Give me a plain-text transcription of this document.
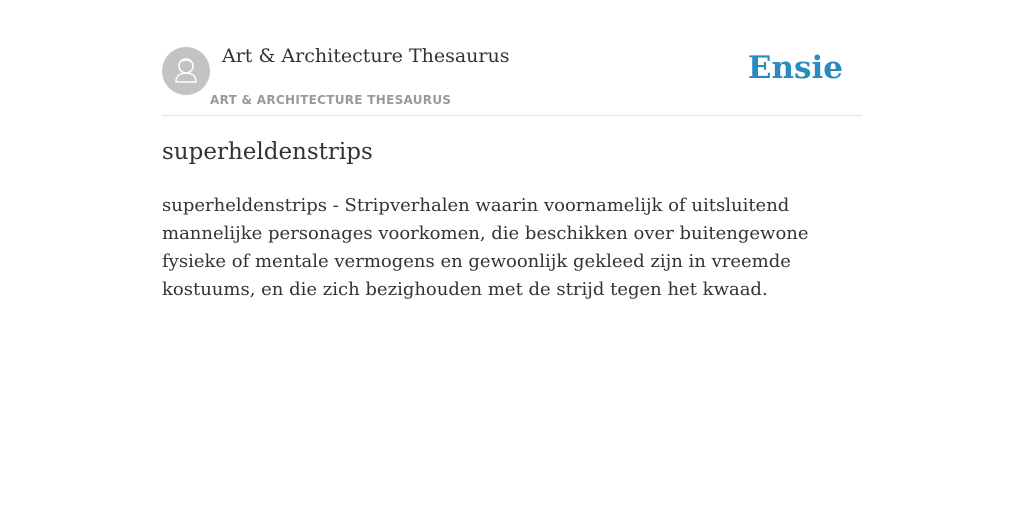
Art & Architecture Thesaurus
ART & ARCHITECTURE THESAURUS
Ensie
superheldenstrips

superheldenstrips - Stripverhalen waarin voornamelijk of uitsluitend mannelijke personages voorkomen, die beschikken over buitengewone fysieke of mentale vermogens en gewoonlijk gekleed zijn in vreemde kostuums, en die zich bezighouden met de strijd tegen het kwaad.
